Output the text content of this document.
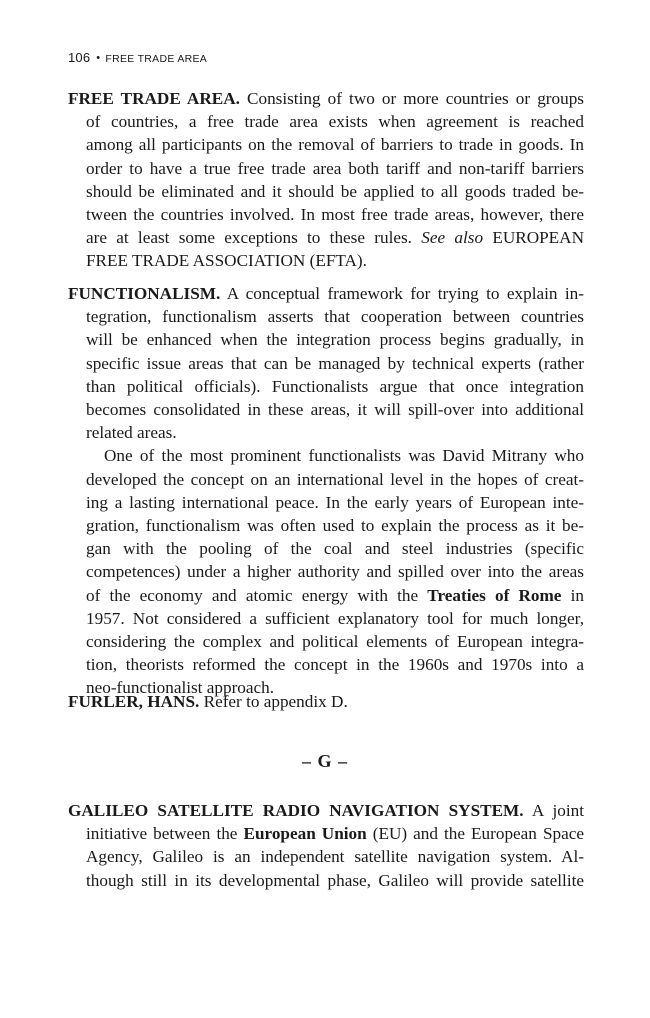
106 • FREE TRADE AREA
FREE TRADE AREA. Consisting of two or more countries or groups
of countries, a free trade area exists when agreement is reached
among all participants on the removal of barriers to trade in goods. In
order to have a true free trade area both tariff and non-tariff barriers
should be eliminated and it should be applied to all goods traded be-
tween the countries involved. In most free trade areas, however, there
are at least some exceptions to these rules. See also EUROPEAN
FREE TRADE ASSOCIATION (EFTA).
FUNCTIONALISM. A conceptual framework for trying to explain in-
tegration, functionalism asserts that cooperation between countries
will be enhanced when the integration process begins gradually, in
specific issue areas that can be managed by technical experts (rather
than political officials). Functionalists argue that once integration
becomes consolidated in these areas, it will spill-over into additional
related areas.
One of the most prominent functionalists was David Mitrany who
developed the concept on an international level in the hopes of creat-
ing a lasting international peace. In the early years of European inte-
gration, functionalism was often used to explain the process as it be-
gan with the pooling of the coal and steel industries (specific
competences) under a higher authority and spilled over into the areas
of the economy and atomic energy with the Treaties of Rome in
1957. Not considered a sufficient explanatory tool for much longer,
considering the complex and political elements of European integra-
tion, theorists reformed the concept in the 1960s and 1970s into a
neo-functionalist approach.
FURLER, HANS. Refer to appendix D.
– G –
GALILEO SATELLITE RADIO NAVIGATION SYSTEM. A joint
initiative between the European Union (EU) and the European Space
Agency, Galileo is an independent satellite navigation system. Al-
though still in its developmental phase, Galileo will provide satellite
